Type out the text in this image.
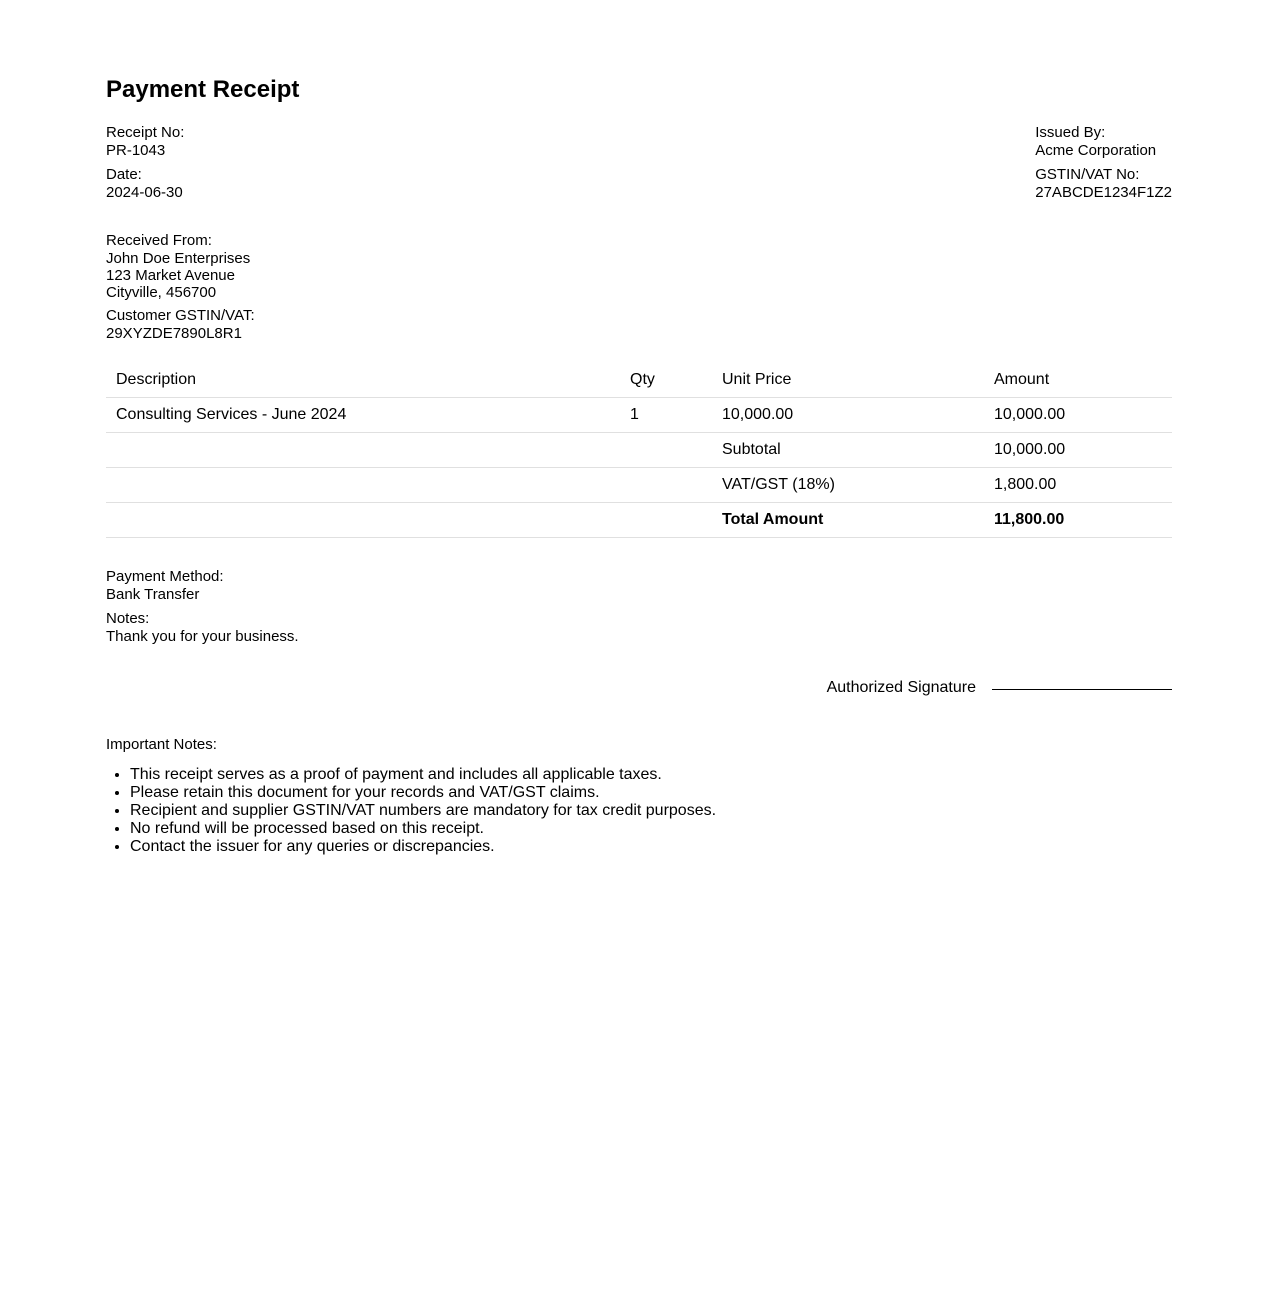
Payment Receipt
Receipt No:
PR-1043
Date:
2024-06-30
Issued By:
Acme Corporation
GSTIN/VAT No:
27ABCDE1234F1Z2
Received From:
John Doe Enterprises
123 Market Avenue
Cityville, 456700
Customer GSTIN/VAT:
29XYZDE7890L8R1
Description	Qty	Unit Price	Amount
Consulting Services - June 2024	1	10,000.00	10,000.00
		Subtotal	10,000.00
		VAT/GST (18%)	1,800.00
		Total Amount	11,800.00
Payment Method:
Bank Transfer
Notes:
Thank you for your business.
Authorized Signature
Important Notes:
• This receipt serves as a proof of payment and includes all applicable taxes.
• Please retain this document for your records and VAT/GST claims.
• Recipient and supplier GSTIN/VAT numbers are mandatory for tax credit purposes.
• No refund will be processed based on this receipt.
• Contact the issuer for any queries or discrepancies.
